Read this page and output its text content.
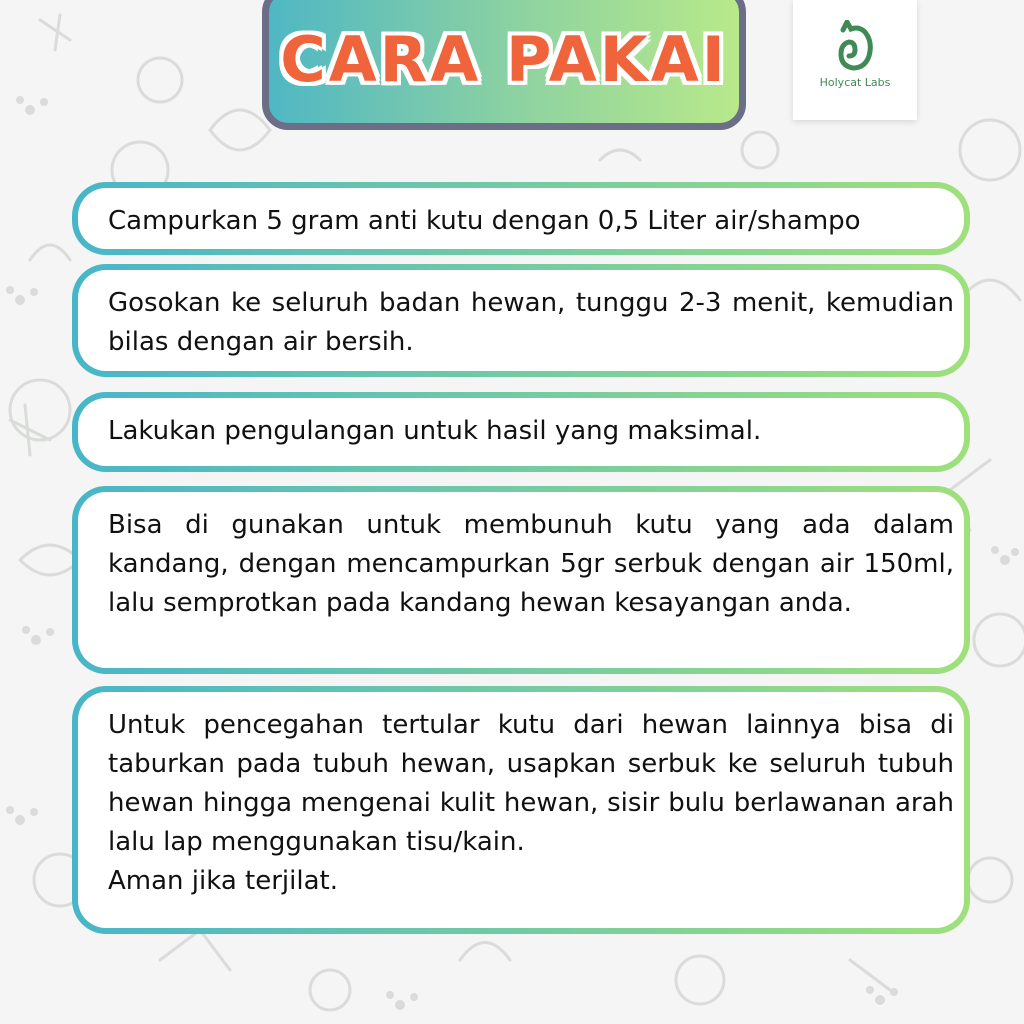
CARA PAKAI	Holycat Labs

Campurkan 5 gram anti kutu dengan 0,5 Liter air/shampo

Gosokan ke seluruh badan hewan, tunggu 2-3 menit, kemudian bilas dengan air bersih.

Lakukan pengulangan untuk hasil yang maksimal.

Bisa di gunakan untuk membunuh kutu yang ada dalam kandang, dengan mencampurkan 5gr serbuk dengan air 150ml, lalu semprotkan pada kandang hewan kesayangan anda.

Untuk pencegahan tertular kutu dari hewan lainnya bisa di taburkan pada tubuh hewan, usapkan serbuk ke seluruh tubuh hewan hingga mengenai kulit hewan, sisir bulu berlawanan arah lalu lap menggunakan tisu/kain.

Aman jika terjilat.
